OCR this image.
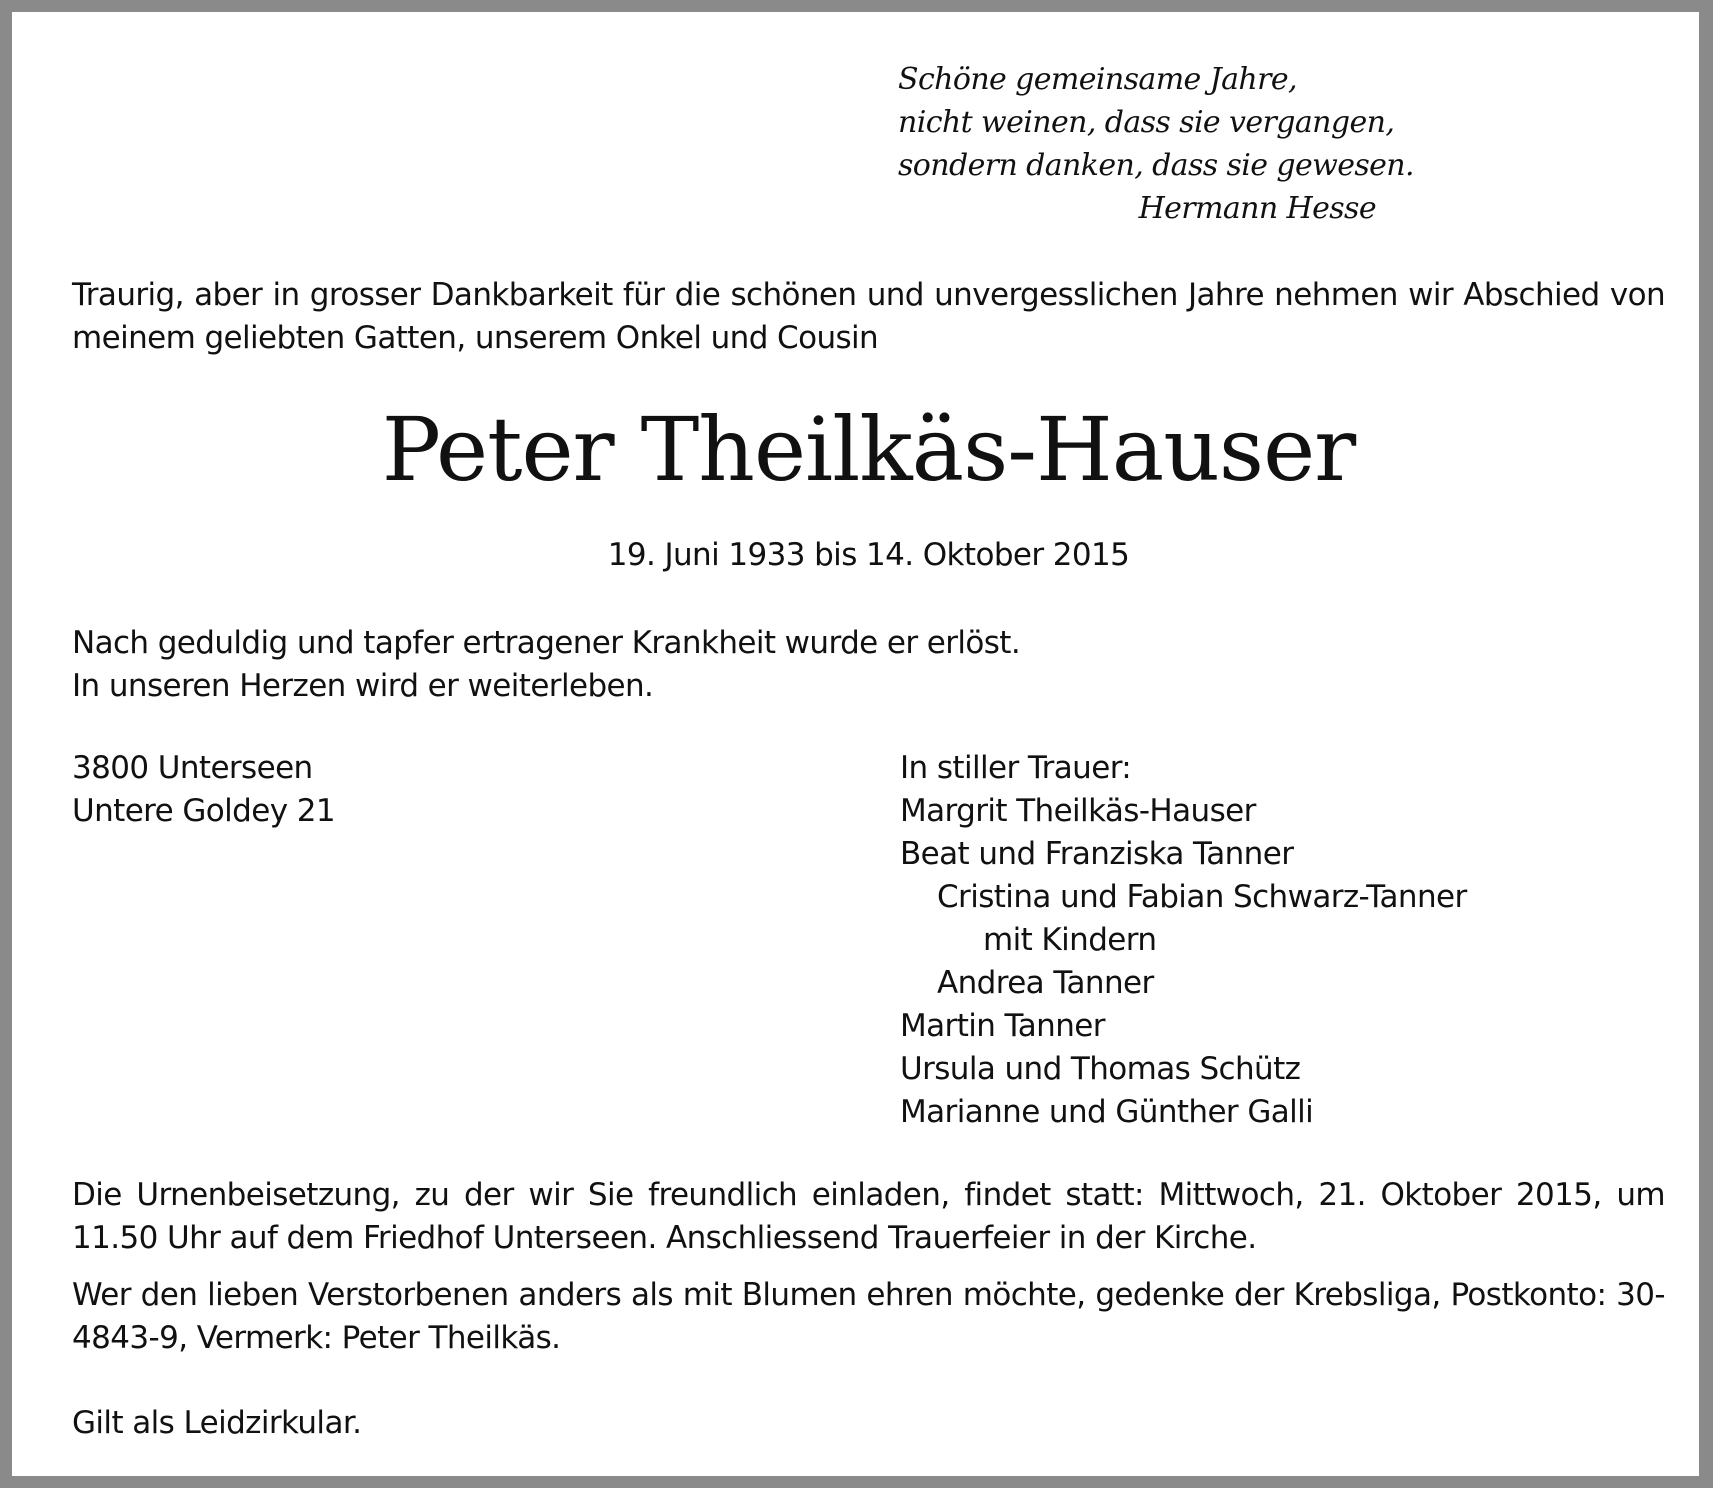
Schöne gemeinsame Jahre,
nicht weinen, dass sie vergangen,
sondern danken, dass sie gewesen.
Hermann Hesse
Traurig, aber in grosser Dankbarkeit für die schönen und unvergesslichen Jahre nehmen wir Abschied von meinem geliebten Gatten, unserem Onkel und Cousin
Peter Theilkäs-Hauser
19. Juni 1933 bis 14. Oktober 2015
Nach geduldig und tapfer ertragener Krankheit wurde er erlöst.
In unseren Herzen wird er weiterleben.
3800 Unterseen
Untere Goldey 21
In stiller Trauer:
Margrit Theilkäs-Hauser
Beat und Franziska Tanner
Cristina und Fabian Schwarz-Tanner
mit Kindern
Andrea Tanner
Martin Tanner
Ursula und Thomas Schütz
Marianne und Günther Galli
Die Urnenbeisetzung, zu der wir Sie freundlich einladen, findet statt: Mittwoch, 21. Oktober 2015, um 11.50 Uhr auf dem Friedhof Unterseen. Anschliessend Trauerfeier in der Kirche.
Wer den lieben Verstorbenen anders als mit Blumen ehren möchte, gedenke der Krebsliga, Postkonto: 30-4843-9, Vermerk: Peter Theilkäs.
Gilt als Leidzirkular.
